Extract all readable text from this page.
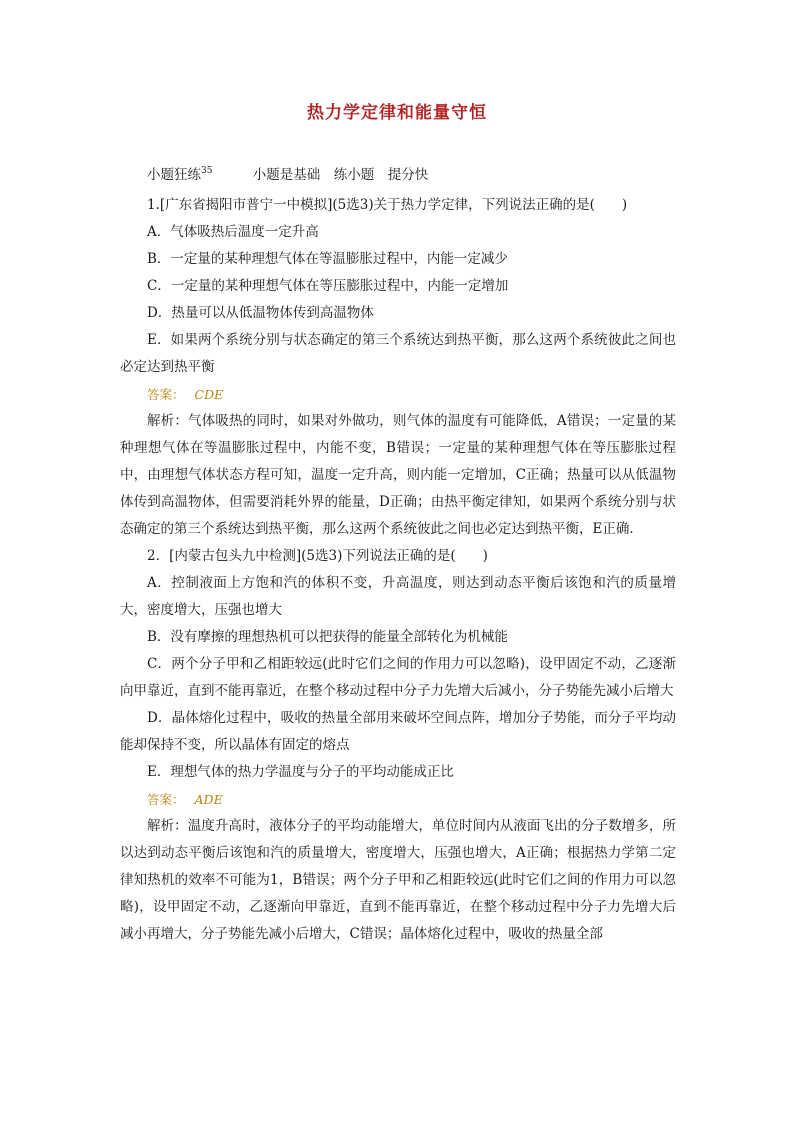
热力学定律和能量守恒
小题狂练$^{35}$	小题是基础　练小题　提分快

1.[广东省揭阳市普宁一中模拟](5选3)关于热力学定律，下列说法正确的是(　　)

A．气体吸热后温度一定升高

B．一定量的某种理想气体在等温膨胀过程中，内能一定减少

C．一定量的某种理想气体在等压膨胀过程中，内能一定增加

D．热量可以从低温物体传到高温物体

E．如果两个系统分别与状态确定的第三个系统达到热平衡，那么这两个系统彼此之间也必定达到热平衡

答案： CDE

解析：气体吸热的同时，如果对外做功，则气体的温度有可能降低，A错误；一定量的某种理想气体在等温膨胀过程中，内能不变，B错误；一定量的某种理想气体在等压膨胀过程中，由理想气体状态方程可知，温度一定升高，则内能一定增加，C正确；热量可以从低温物体传到高温物体，但需要消耗外界的能量，D正确；由热平衡定律知，如果两个系统分别与状态确定的第三个系统达到热平衡，那么这两个系统彼此之间也必定达到热平衡，E正确．

2．[内蒙古包头九中检测](5选3)下列说法正确的是(　　)

A．控制液面上方饱和汽的体积不变，升高温度，则达到动态平衡后该饱和汽的质量增大，密度增大，压强也增大

B．没有摩擦的理想热机可以把获得的能量全部转化为机械能

C．两个分子甲和乙相距较远(此时它们之间的作用力可以忽略)，设甲固定不动，乙逐渐向甲靠近，直到不能再靠近，在整个移动过程中分子力先增大后减小，分子势能先减小后增大

D．晶体熔化过程中，吸收的热量全部用来破坏空间点阵，增加分子势能，而分子平均动能却保持不变，所以晶体有固定的熔点

E．理想气体的热力学温度与分子的平均动能成正比

答案： ADE

解析：温度升高时，液体分子的平均动能增大，单位时间内从液面飞出的分子数增多，所以达到动态平衡后该饱和汽的质量增大，密度增大，压强也增大，A正确；根据热力学第二定律知热机的效率不可能为1，B错误；两个分子甲和乙相距较远(此时它们之间的作用力可以忽略)，设甲固定不动，乙逐渐向甲靠近，直到不能再靠近，在整个移动过程中分子力先增大后减小再增大，分子势能先减小后增大，C错误；晶体熔化过程中，吸收的热量全部
